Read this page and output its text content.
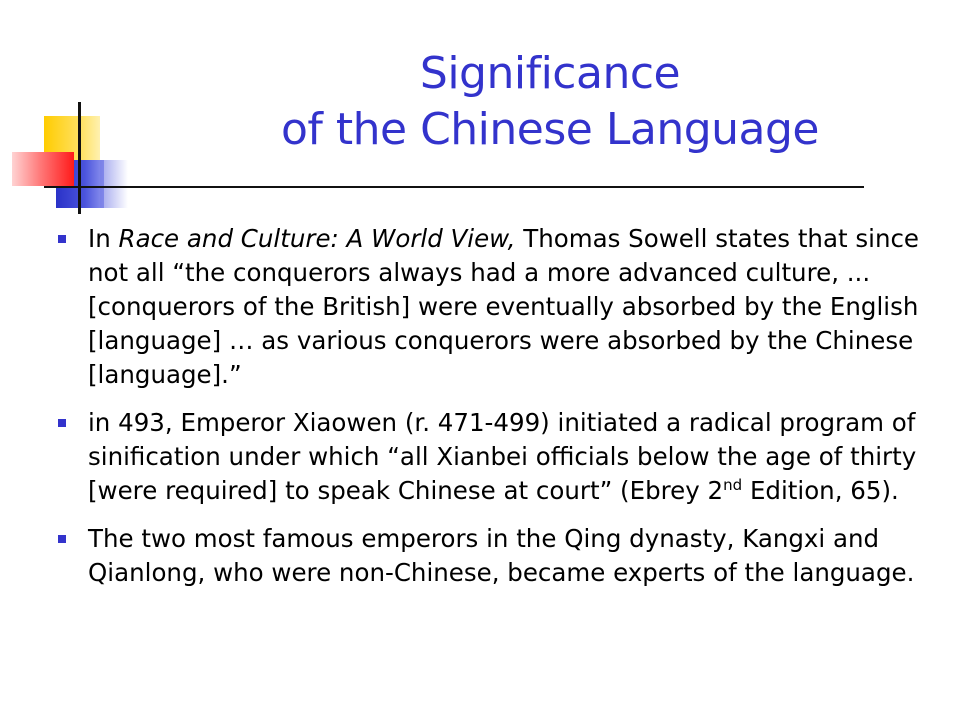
Significance
of the Chinese Language
In Race and Culture: A World View, Thomas Sowell states that since not all “the conquerors always had a more advanced culture, ... [conquerors of the British] were eventually absorbed by the English [language] … as various conquerors were absorbed by the Chinese [language].”
in 493, Emperor Xiaowen (r. 471-499) initiated a radical program of sinification under which “all Xianbei officials below the age of thirty [were required] to speak Chinese at court” (Ebrey 2nd Edition, 65).
The two most famous emperors in the Qing dynasty, Kangxi and Qianlong, who were non-Chinese, became experts of the language.
